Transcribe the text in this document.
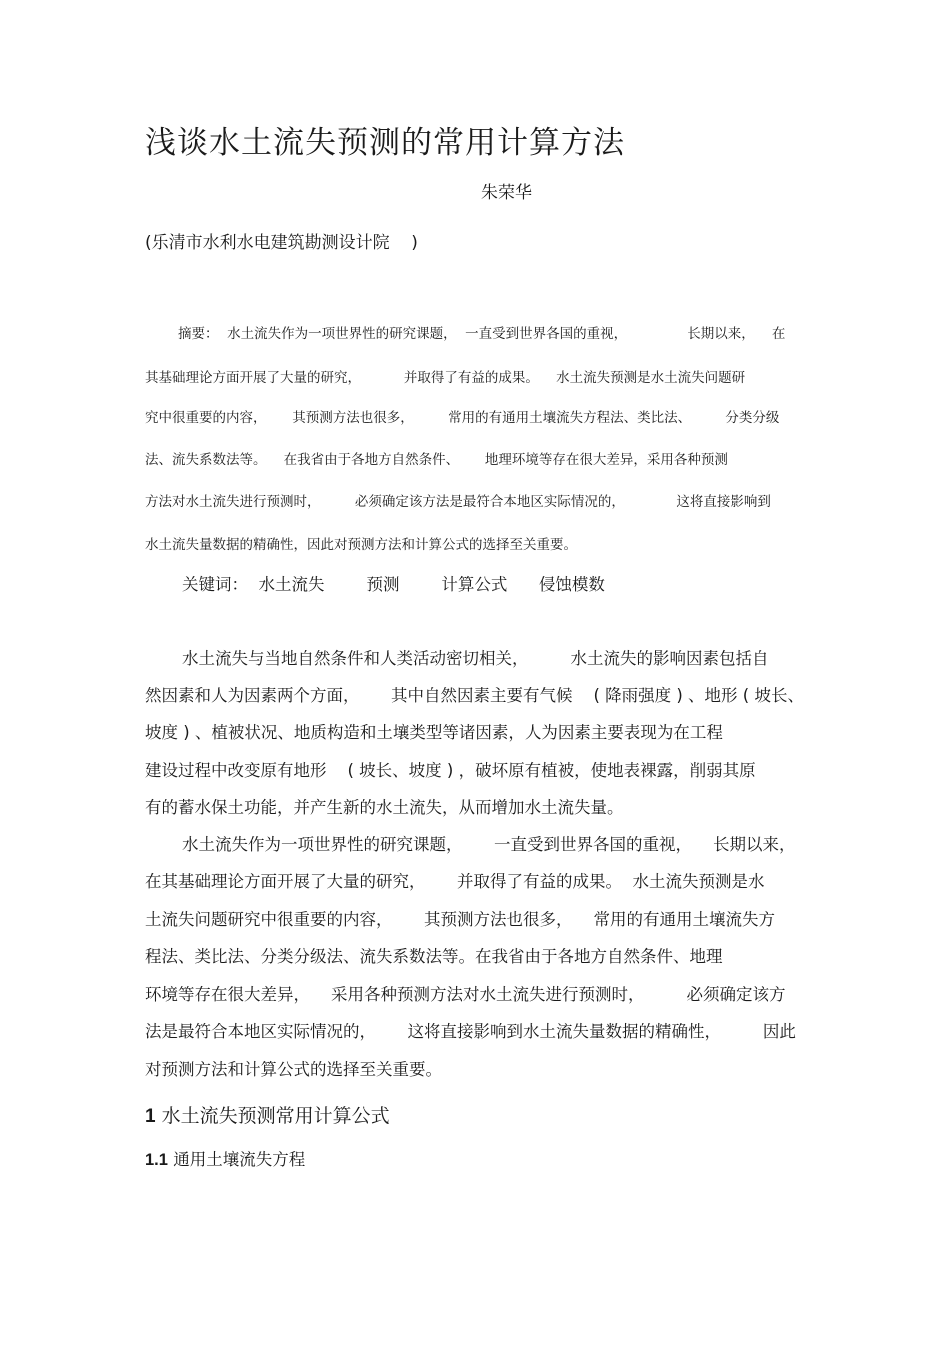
浅谈水土流失预测的常用计算方法
朱荣华
(乐清市水利水电建筑勘测设计院    )
摘要：  水土流失作为一项世界性的研究课题，  一直受到世界各国的重视，              长期以来，    在
其基础理论方面开展了大量的研究，          并取得了有益的成果。    水土流失预测是水土流失问题研
究中很重要的内容，      其预测方法也很多，        常用的有通用土壤流失方程法、类比法、        分类分级
法、流失系数法等。    在我省由于各地方自然条件、      地理环境等存在很大差异，采用各种预测
方法对水土流失进行预测时，        必须确定该方法是最符合本地区实际情况的，            这将直接影响到
水土流失量数据的精确性，因此对预测方法和计算公式的选择至关重要。
关键词：  水土流失        预测        计算公式      侵蚀模数
水土流失与当地自然条件和人类活动密切相关，        水土流失的影响因素包括自
然因素和人为因素两个方面，      其中自然因素主要有气候    ( 降雨强度 ) 、地形 ( 坡长、
坡度 ) 、植被状况、地质构造和土壤类型等诸因素，人为因素主要表现为在工程
建设过程中改变原有地形    ( 坡长、坡度 ) ，破坏原有植被，使地表裸露，削弱其原
有的蓄水保土功能，并产生新的水土流失，从而增加水土流失量。
水土流失作为一项世界性的研究课题，      一直受到世界各国的重视，    长期以来，
在其基础理论方面开展了大量的研究，      并取得了有益的成果。  水土流失预测是水
土流失问题研究中很重要的内容，      其预测方法也很多，    常用的有通用土壤流失方
程法、类比法、分类分级法、流失系数法等。在我省由于各地方自然条件、地理
环境等存在很大差异，    采用各种预测方法对水土流失进行预测时，        必须确定该方
法是最符合本地区实际情况的，      这将直接影响到水土流失量数据的精确性，        因此
对预测方法和计算公式的选择至关重要。
1 水土流失预测常用计算公式
1.1 通用土壤流失方程
